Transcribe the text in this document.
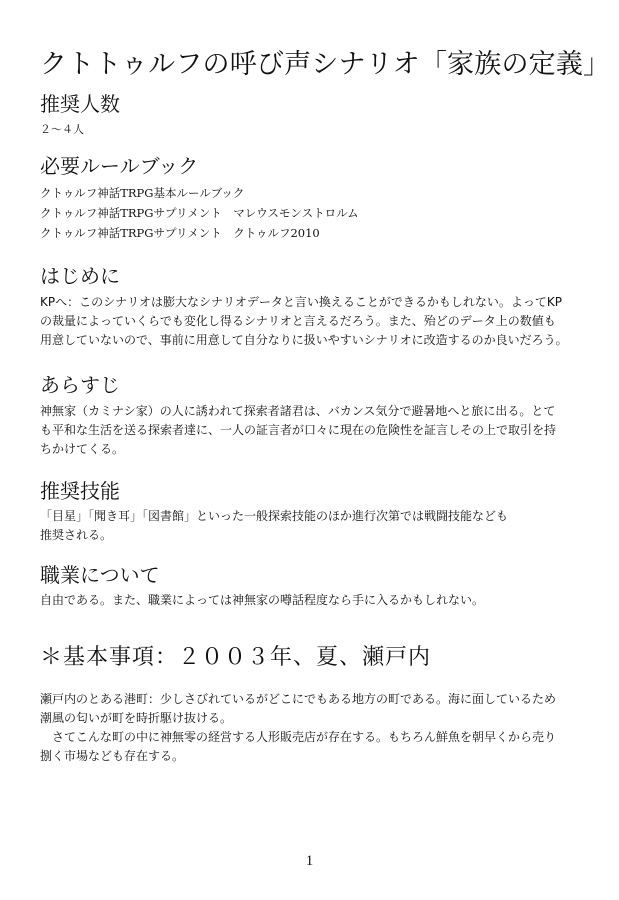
クトトゥルフの呼び声シナリオ「家族の定義」
推奨人数
２〜４人
必要ルールブック
クトゥルフ神話TRPG基本ルールブック
クトゥルフ神話TRPGサプリメント　マレウスモンストロルム
クトゥルフ神話TRPGサプリメント　クトゥルフ2010
はじめに
KPへ：このシナリオは膨大なシナリオデータと言い換えることができるかもしれない。よってKP
の裁量によっていくらでも変化し得るシナリオと言えるだろう。また、殆どのデータ上の数値も
用意していないので、事前に用意して自分なりに扱いやすいシナリオに改造するのか良いだろう。
あらすじ
神無家（カミナシ家）の人に誘われて探索者諸君は、バカンス気分で避暑地へと旅に出る。とて
も平和な生活を送る探索者達に、一人の証言者が口々に現在の危険性を証言しその上で取引を持
ちかけてくる。
推奨技能
「目星」「聞き耳」「図書館」といった一般探索技能のほか進行次第では戦闘技能なども
推奨される。
職業について
自由である。また、職業によっては神無家の噂話程度なら手に入るかもしれない。
＊基本事項：２００３年、夏、瀬戸内
瀬戸内のとある港町：少しさびれているがどこにでもある地方の町である。海に面しているため
潮風の匂いが町を時折駆け抜ける。
　さてこんな町の中に神無零の経営する人形販売店が存在する。もちろん鮮魚を朝早くから売り
捌く市場なども存在する。
1
